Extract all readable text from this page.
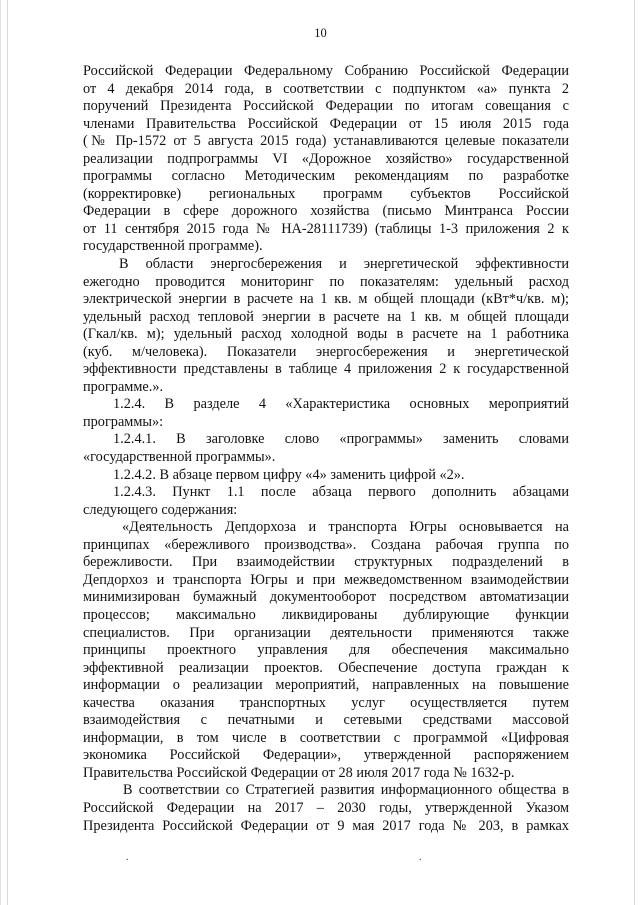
10

Российской Федерации Федеральному Собранию Российской Федерации

от 4 декабря 2014 года, в соответствии с подпунктом «а» пункта 2

поручений Президента Российской Федерации по итогам совещания с

членами Правительства Российской Федерации от 15 июля 2015 года

(№ Пр-1572 от 5 августа 2015 года) устанавливаются целевые показатели

реализации подпрограммы VI «Дорожное хозяйство» государственной

программы согласно Методическим рекомендациям по разработке

(корректировке) региональных программ субъектов Российской

Федерации в сфере дорожного хозяйства (письмо Минтранса России

от 11 сентября 2015 года № НА-28111739) (таблицы 1-3 приложения 2 к

государственной программе).

В области энергосбережения и энергетической эффективности

ежегодно проводится мониторинг по показателям: удельный расход

электрической энергии в расчете на 1 кв. м общей площади (кВт*ч/кв. м);

удельный расход тепловой энергии в расчете на 1 кв. м общей площади

(Гкал/кв. м); удельный расход холодной воды в расчете на 1 работника

(куб. м/человека). Показатели энергосбережения и энергетической

эффективности представлены в таблице 4 приложения 2 к государственной

программе.».

1.2.4. В разделе 4 «Характеристика основных мероприятий

программы»:

1.2.4.1. В заголовке слово «программы» заменить словами

«государственной программы».

1.2.4.2. В абзаце первом цифру «4» заменить цифрой «2».

1.2.4.3. Пункт 1.1 после абзаца первого дополнить абзацами

следующего содержания:

«Деятельность Депдорхоза и транспорта Югры основывается на

принципах «бережливого производства». Создана рабочая группа по

бережливости. При взаимодействии структурных подразделений в

Депдорхоз и транспорта Югры и при межведомственном взаимодействии

минимизирован бумажный документооборот посредством автоматизации

процессов; максимально ликвидированы дублирующие функции

специалистов. При организации деятельности применяются также

принципы проектного управления для обеспечения максимально

эффективной реализации проектов. Обеспечение доступа граждан к

информации о реализации мероприятий, направленных на повышение

качества оказания транспортных услуг осуществляется путем

взаимодействия с печатными и сетевыми средствами массовой

информации, в том числе в соответствии с программой «Цифровая

экономика Российской Федерации», утвержденной распоряжением

Правительства Российской Федерации от 28 июля 2017 года № 1632-р.

В соответствии со Стратегией развития информационного общества в

Российской Федерации на 2017 – 2030 годы, утвержденной Указом

Президента Российской Федерации от 9 мая 2017 года № 203, в рамках

.	.
